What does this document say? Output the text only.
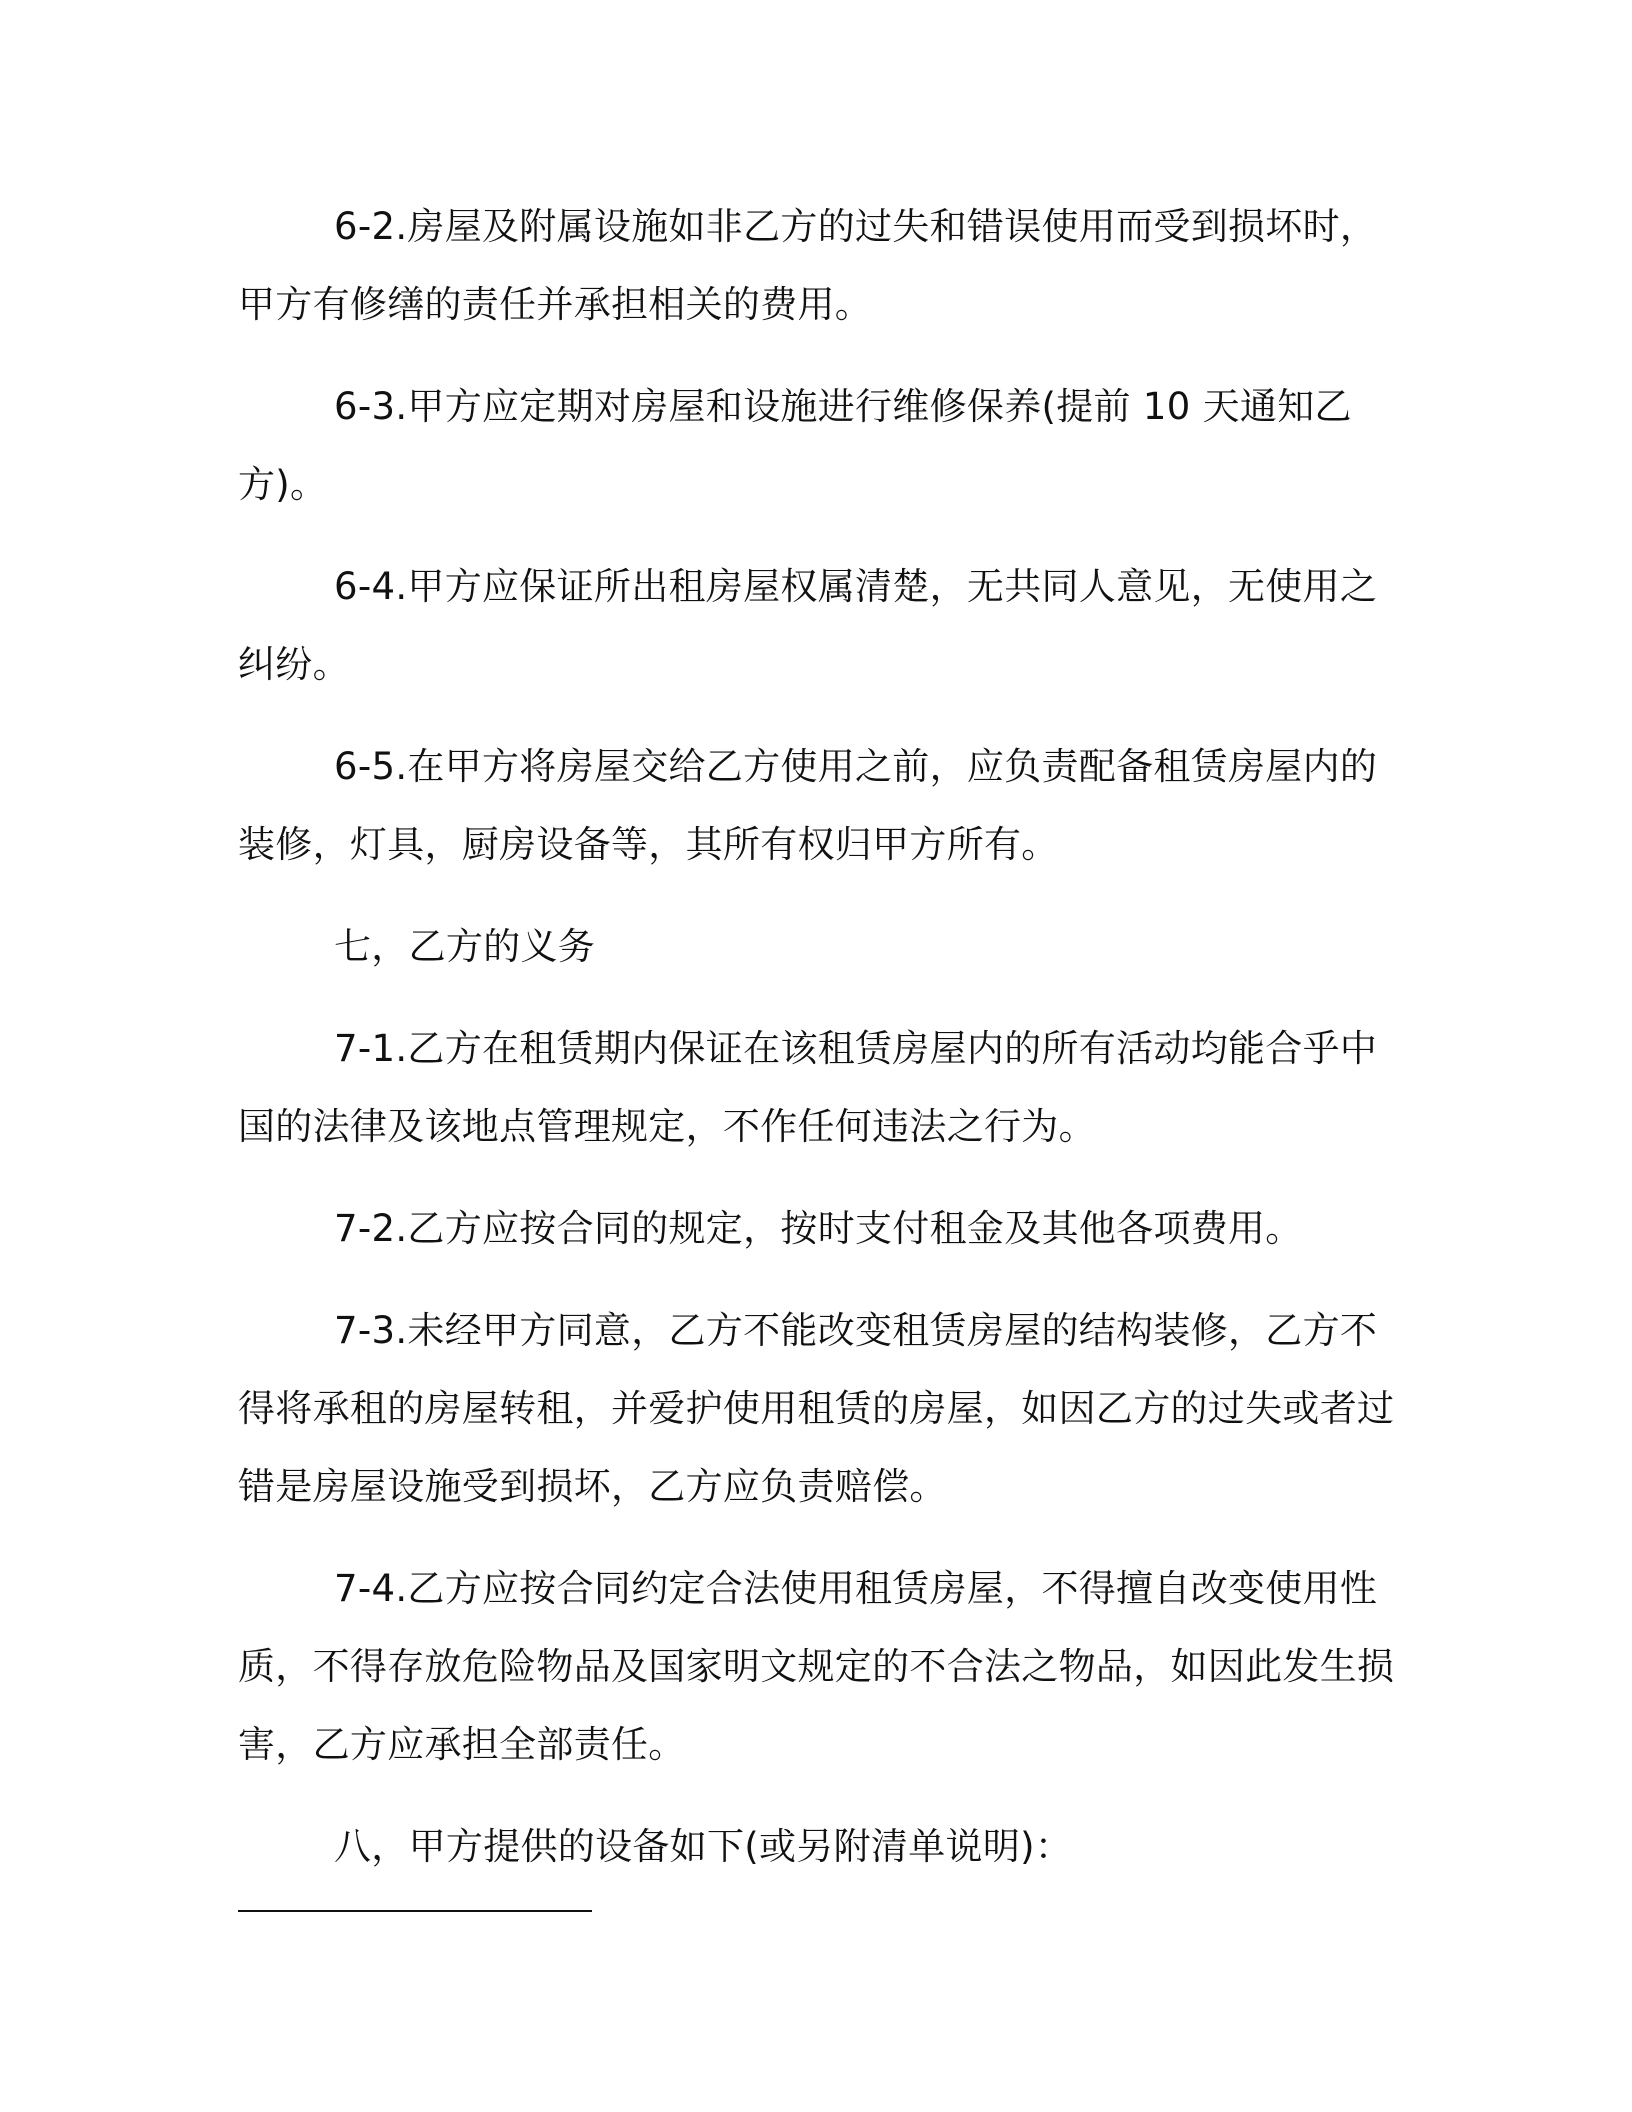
6-2.房屋及附属设施如非乙方的过失和错误使用而受到损坏时，甲方有修缮的责任并承担相关的费用。

6-3.甲方应定期对房屋和设施进行维修保养(提前 10 天通知乙方)。

6-4.甲方应保证所出租房屋权属清楚，无共同人意见，无使用之纠纷。

6-5.在甲方将房屋交给乙方使用之前，应负责配备租赁房屋内的装修，灯具，厨房设备等，其所有权归甲方所有。

七，乙方的义务

7-1.乙方在租赁期内保证在该租赁房屋内的所有活动均能合乎中国的法律及该地点管理规定，不作任何违法之行为。

7-2.乙方应按合同的规定，按时支付租金及其他各项费用。

7-3.未经甲方同意，乙方不能改变租赁房屋的结构装修，乙方不得将承租的房屋转租，并爱护使用租赁的房屋，如因乙方的过失或者过错是房屋设施受到损坏，乙方应负责赔偿。

7-4.乙方应按合同约定合法使用租赁房屋，不得擅自改变使用性质，不得存放危险物品及国家明文规定的不合法之物品，如因此发生损害，乙方应承担全部责任。

八，甲方提供的设备如下(或另附清单说明)：
